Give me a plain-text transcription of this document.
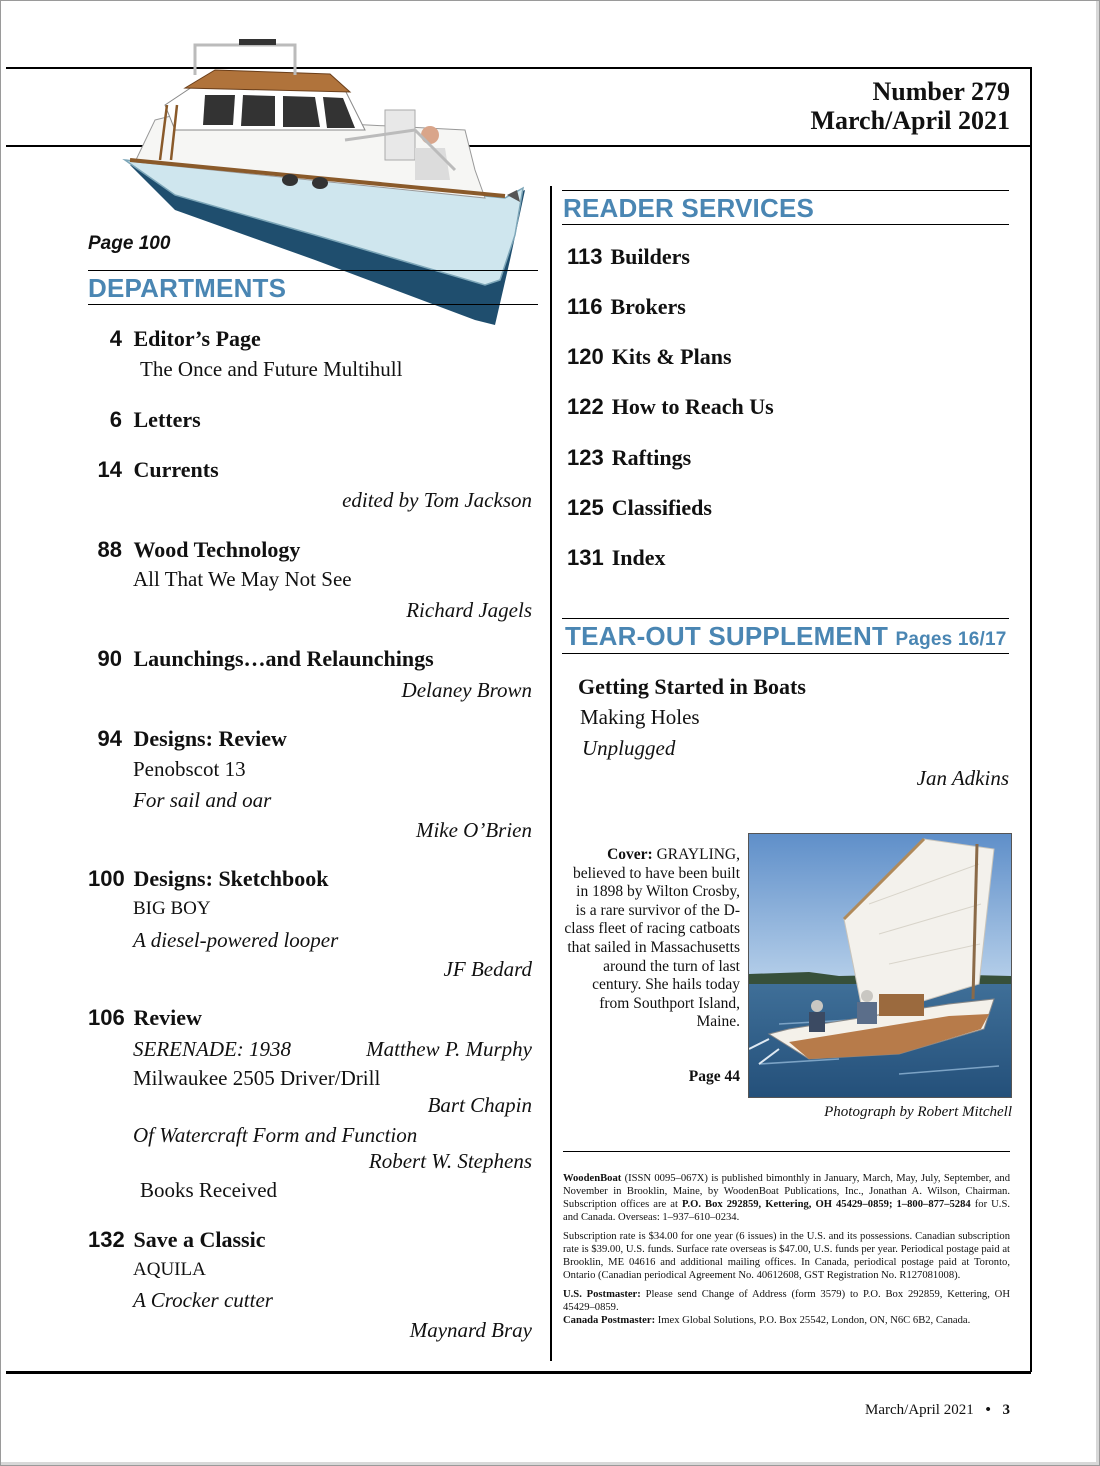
Number 279
March/April 2021
Page 100
DEPARTMENTS
4 Editor’s Page
The Once and Future Multihull
6 Letters
14 Currents
edited by Tom Jackson
88 Wood Technology
All That We May Not See
Richard Jagels
90 Launchings…and Relaunchings
Delaney Brown
94 Designs: Review
Penobscot 13
For sail and oar
Mike O’Brien
100 Designs: Sketchbook
BIG BOY
A diesel-powered looper
JF Bedard
106 Review
SERENADE: 1938	Matthew P. Murphy
Milwaukee 2505 Driver/Drill
Bart Chapin
Of Watercraft Form and Function
Robert W. Stephens
Books Received
132 Save a Classic
AQUILA
A Crocker cutter
Maynard Bray
READER SERVICES
113 Builders
116 Brokers
120 Kits & Plans
122 How to Reach Us
123 Raftings
125 Classifieds
131 Index
TEAR-OUT SUPPLEMENT Pages 16/17
Getting Started in Boats
Making Holes
Unplugged
Jan Adkins
Cover: GRAYLING, believed to have been built in 1898 by Wilton Crosby, is a rare survivor of the D-class fleet of racing catboats that sailed in Massachusetts around the turn of last century. She hails today from Southport Island, Maine.
Page 44
Photograph by Robert Mitchell

WoodenBoat (ISSN 0095–067X) is published bimonthly in January, March, May, July, September, and November in Brooklin, Maine, by WoodenBoat Publications, Inc., Jonathan A. Wilson, Chairman. Subscription offices are at P.O. Box 292859, Kettering, OH 45429–0859; 1–800–877–5284 for U.S. and Canada. Overseas: 1–937–610–0234.

Subscription rate is $34.00 for one year (6 issues) in the U.S. and its possessions. Canadian subscription rate is $39.00, U.S. funds. Surface rate overseas is $47.00, U.S. funds per year. Periodical postage paid at Brooklin, ME 04616 and additional mailing offices. In Canada, periodical postage paid at Toronto, Ontario (Canadian periodical Agreement No. 40612608, GST Registration No. R127081008).

U.S. Postmaster: Please send Change of Address (form 3579) to P.O. Box 292859, Kettering, OH 45429–0859.

Canada Postmaster: Imex Global Solutions, P.O. Box 25542, London, ON, N6C 6B2, Canada.

March/April 2021 • 3
